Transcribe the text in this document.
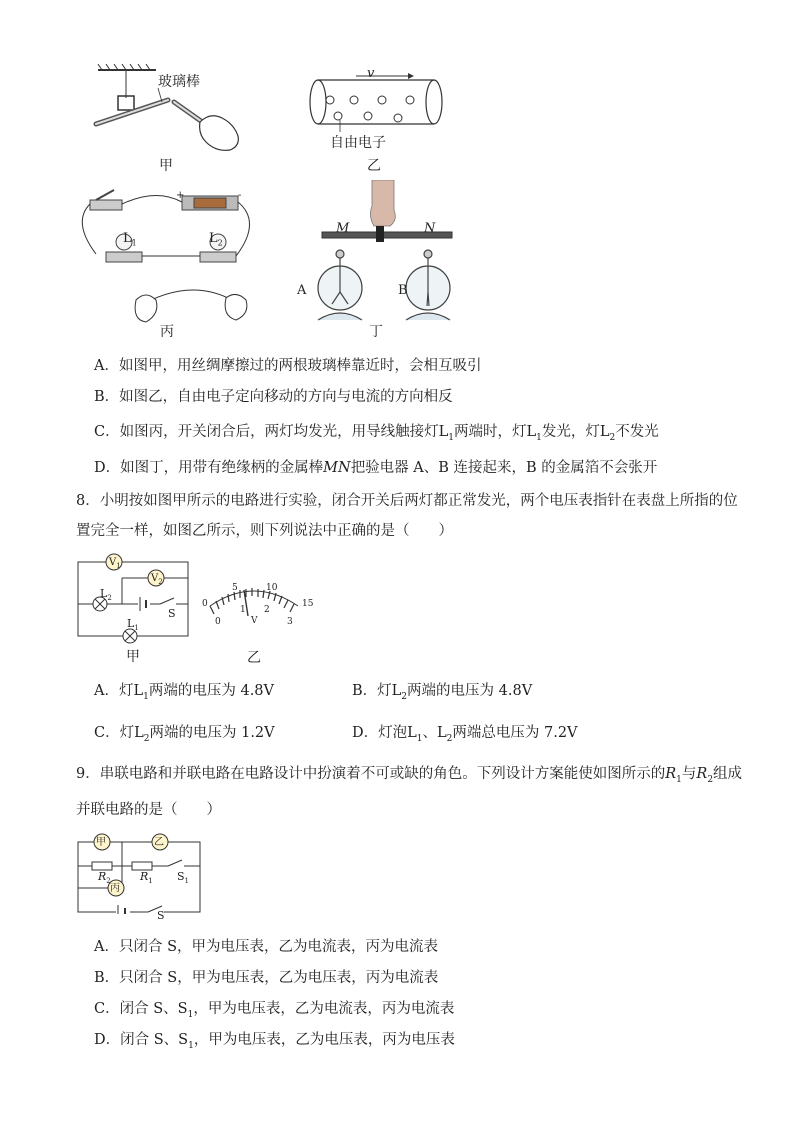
玻璃棒
甲
v
自由电子
乙
+	-
$L_1$	$L_2$
丙
M	N
A	B
丁
A．如图甲，用丝绸摩擦过的两根玻璃棒靠近时，会相互吸引
B．如图乙，自由电子定向移动的方向与电流的方向相反
C．如图丙，开关闭合后，两灯均发光，用导线触接灯$L_1$两端时，灯$L_1$发光，灯$L_2$不发光
D．如图丁，用带有绝缘柄的金属棒MN把验电器 A、B 连接起来，B 的金属箔不会张开
8．小明按如图甲所示的电路进行实验，闭合开关后两灯都正常发光，两个电压表指针在表盘上所指的位
置完全一样，如图乙所示，则下列说法中正确的是（　　）
$V_1$
$V_2$
$L_2$
$L_1$
S
甲
0
5	10
15
0
1 2
3
V
乙
A．灯$L_1$两端的电压为 4.8V	B．灯$L_2$两端的电压为 4.8V
C．灯$L_2$两端的电压为 1.2V	D．灯泡$L_1$、$L_2$两端总电压为 7.2V
9．串联电路和并联电路在电路设计中扮演着不可或缺的角色。下列设计方案能使如图所示的$R_1$与$R_2$组成
并联电路的是（　　）
甲	乙
丙
$R_2$	$R_1$ $S_1$
S
A．只闭合 S，甲为电压表，乙为电流表，丙为电流表
B．只闭合 S，甲为电压表，乙为电压表，丙为电流表
C．闭合 S、$S_1$，甲为电压表，乙为电流表，丙为电流表
D．闭合 S、$S_1$，甲为电压表，乙为电压表，丙为电压表
